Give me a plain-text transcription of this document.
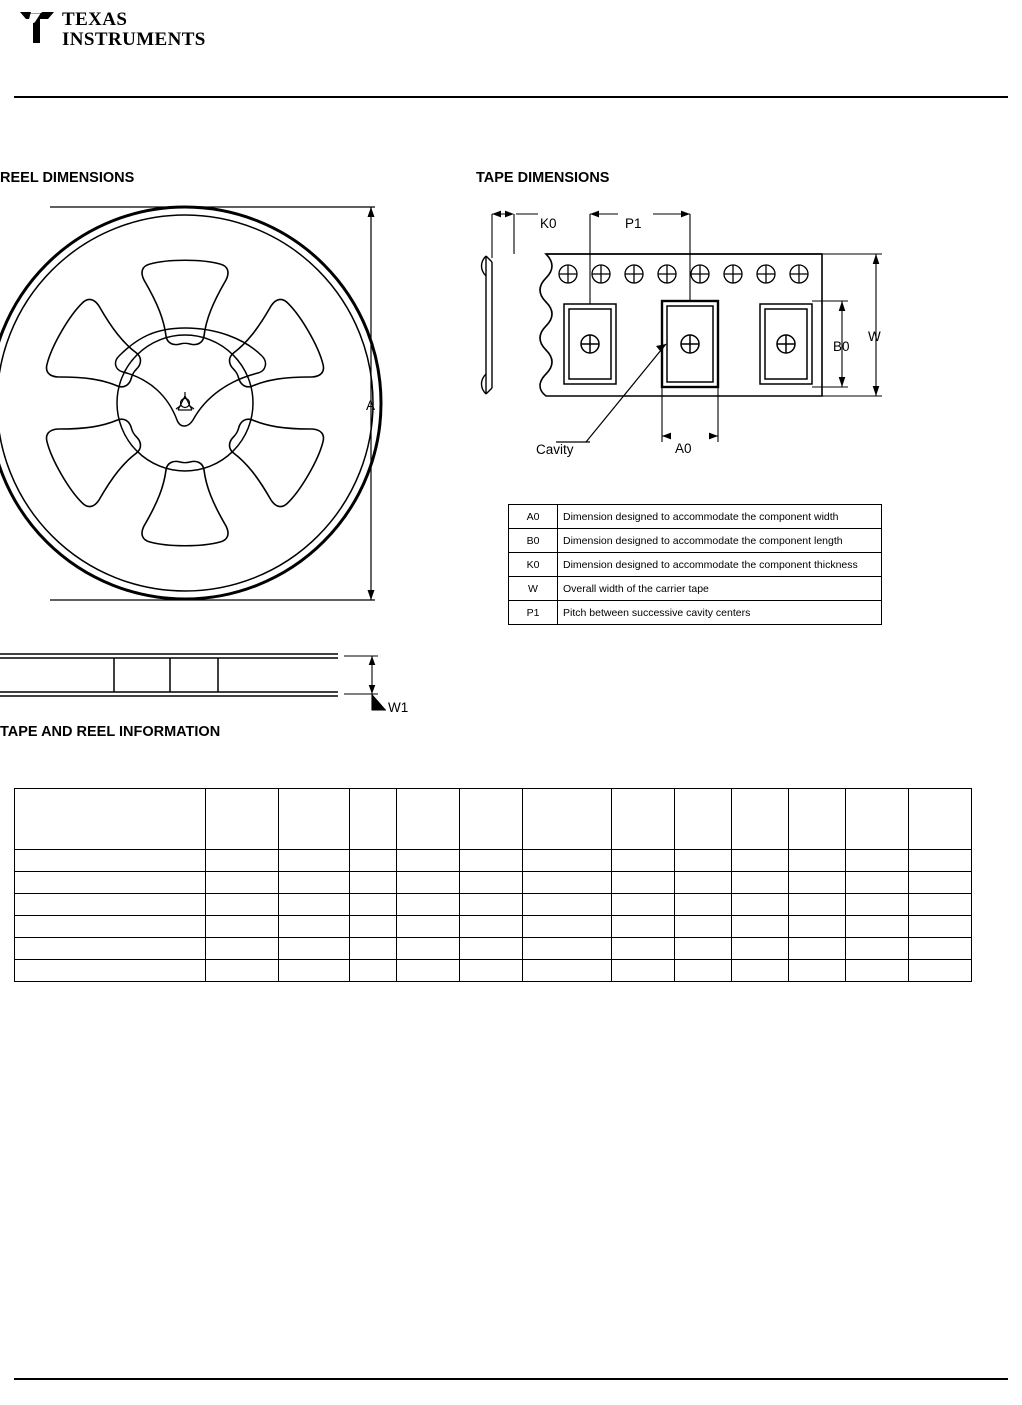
TEXAS
INSTRUMENTS
REEL DIMENSIONS	TAPE DIMENSIONS
TAPE AND REEL INFORMATION
A
W1
K0	P1
W
B0
A0
Cavity
A0	Dimension designed to accommodate the component width
B0	Dimension designed to accommodate the component length
K0	Dimension designed to accommodate the component thickness
W	Overall width of the carrier tape
P1	Pitch between successive cavity centers
